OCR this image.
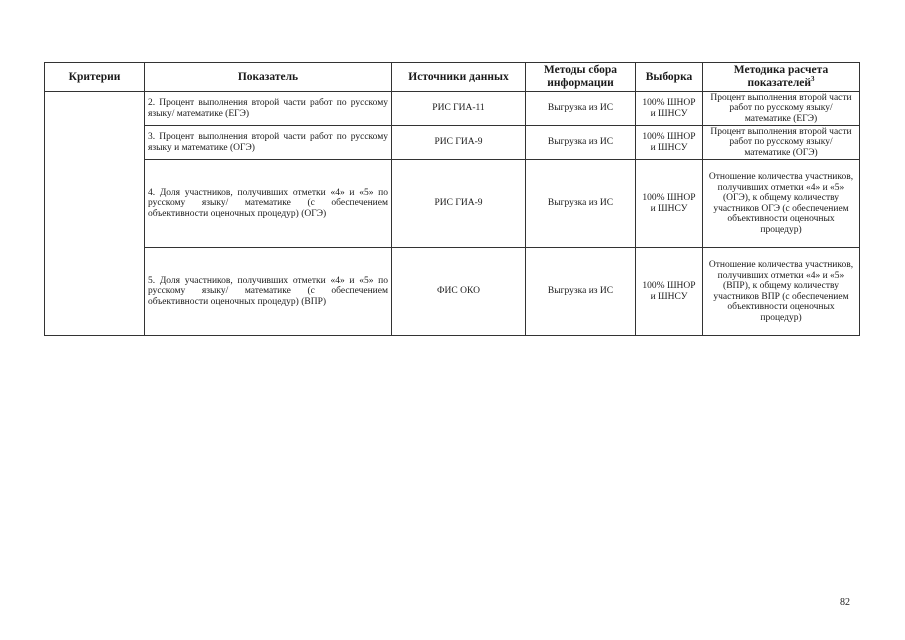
Критерии	Показатель	Источники данных	Методы сбора информации	Выборка	Методика расчета показателей$^3$
	2. Процент выполнения второй части работ по русскому языку/ математике (ЕГЭ)	РИС ГИА-11	Выгрузка из ИС	100% ШНОР и ШНСУ	Процент выполнения второй части работ по русскому языку/ математике (ЕГЭ)
	3. Процент выполнения второй части работ по русскому языку и математике (ОГЭ)	РИС ГИА-9	Выгрузка из ИС	100% ШНОР и ШНСУ	Процент выполнения второй части работ по русскому языку/ математике (ОГЭ)
	4. Доля участников, получивших отметки «4» и «5» по русскому языку/ математике (с обеспечением объективности оценочных процедур) (ОГЭ)	РИС ГИА-9	Выгрузка из ИС	100% ШНОР и ШНСУ	Отношение количества участников, получивших отметки «4» и «5» (ОГЭ), к общему количеству участников ОГЭ (с обеспечением объективности оценочных процедур)
	5. Доля участников, получивших отметки «4» и «5» по русскому языку/ математике (с обеспечением объективности оценочных процедур) (ВПР)	ФИС ОКО	Выгрузка из ИС	100% ШНОР и ШНСУ	Отношение количества участников, получивших отметки «4» и «5» (ВПР), к общему количеству участников ВПР (с обеспечением объективности оценочных процедур)
82
